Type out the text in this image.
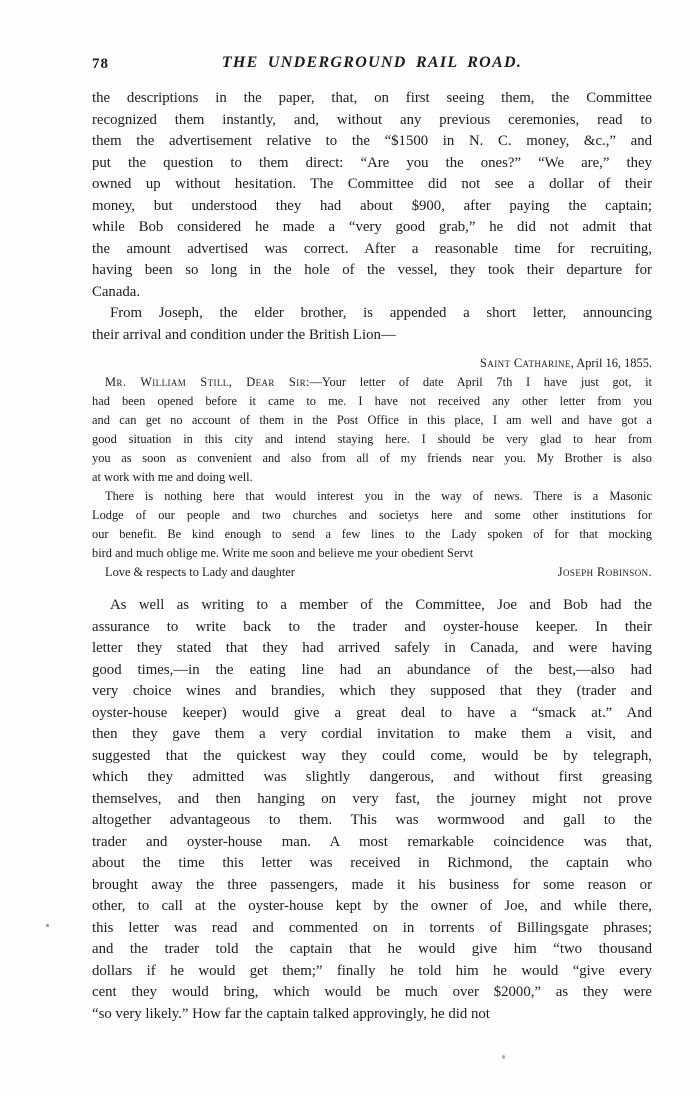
78	THE UNDERGROUND RAIL ROAD.
the descriptions in the paper, that, on first seeing them, the Committee
recognized them instantly, and, without any previous ceremonies, read to
them the advertisement relative to the “$1500 in N. C. money, &c.,” and
put the question to them direct: “Are you the ones?” “We are,” they
owned up without hesitation. The Committee did not see a dollar of their
money, but understood they had about $900, after paying the captain;
while Bob considered he made a “very good grab,” he did not admit that
the amount advertised was correct. After a reasonable time for recruiting,
having been so long in the hole of the vessel, they took their departure for
Canada.
From Joseph, the elder brother, is appended a short letter, announcing
their arrival and condition under the British Lion—
Saint Catharine, April 16, 1855.
Mr. William Still, Dear Sir:—Your letter of date April 7th I have just got, it
had been opened before it came to me. I have not received any other letter from you
and can get no account of them in the Post Office in this place, I am well and have got a
good situation in this city and intend staying here. I should be very glad to hear from
you as soon as convenient and also from all of my friends near you. My Brother is also
at work with me and doing well.
There is nothing here that would interest you in the way of news. There is a Masonic
Lodge of our people and two churches and societys here and some other institutions for
our benefit. Be kind enough to send a few lines to the Lady spoken of for that mocking
bird and much oblige me. Write me soon and believe me your obedient Servt
Love & respects to Lady and daughter	Joseph Robinson.
As well as writing to a member of the Committee, Joe and Bob had the
assurance to write back to the trader and oyster-house keeper. In their
letter they stated that they had arrived safely in Canada, and were having
good times,—in the eating line had an abundance of the best,—also had
very choice wines and brandies, which they supposed that they (trader and
oyster-house keeper) would give a great deal to have a “smack at.” And
then they gave them a very cordial invitation to make them a visit, and
suggested that the quickest way they could come, would be by telegraph,
which they admitted was slightly dangerous, and without first greasing
themselves, and then hanging on very fast, the journey might not prove
altogether advantageous to them. This was wormwood and gall to the
trader and oyster-house man. A most remarkable coincidence was that,
about the time this letter was received in Richmond, the captain who
brought away the three passengers, made it his business for some reason or
other, to call at the oyster-house kept by the owner of Joe, and while there,
this letter was read and commented on in torrents of Billingsgate phrases;
and the trader told the captain that he would give him “two thousand
dollars if he would get them;” finally he told him he would “give every
cent they would bring, which would be much over $2000,” as they were
“so very likely.” How far the captain talked approvingly, he did not
